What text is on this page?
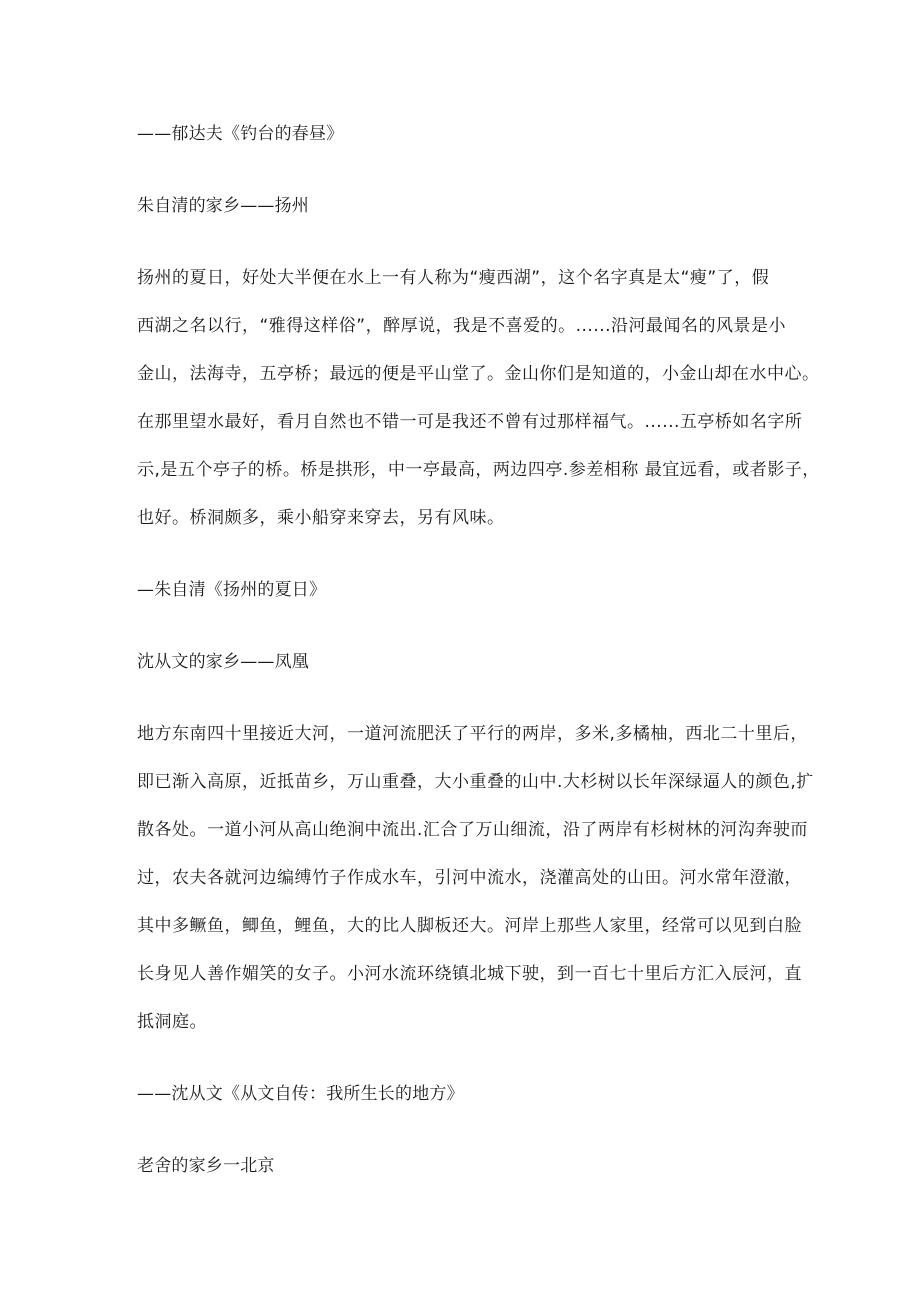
——郁达夫《钓台的春昼》
朱自清的家乡——扬州
扬州的夏日，好处大半便在水上一有人称为“瘦西湖”，这个名字真是太“瘦”了，假
西湖之名以行，“雅得这样俗”，醉厚说，我是不喜爱的。......沿河最闻名的风景是小
金山，法海寺，五亭桥；最远的便是平山堂了。金山你们是知道的，小金山却在水中心。
在那里望水最好，看月自然也不错一可是我还不曾有过那样福气。......五亭桥如名字所
示,是五个亭子的桥。桥是拱形，中一亭最高，两边四亭.参差相称 最宜远看，或者影子，
也好。桥洞颇多，乘小船穿来穿去，另有风味。
—朱自清《扬州的夏日》
沈从文的家乡——凤凰
地方东南四十里接近大河，一道河流肥沃了平行的两岸，多米,多橘柚，西北二十里后，
即已渐入高原，近抵苗乡，万山重叠，大小重叠的山中.大杉树以长年深绿逼人的颜色,扩
散各处。一道小河从高山绝涧中流出.汇合了万山细流，沿了两岸有杉树林的河沟奔驶而
过，农夫各就河边编缚竹子作成水车，引河中流水，浇灌高处的山田。河水常年澄澈，
其中多鳜鱼，鲫鱼，鲤鱼，大的比人脚板还大。河岸上那些人家里，经常可以见到白脸
长身见人善作媚笑的女子。小河水流环绕镇北城下驶，到一百七十里后方汇入辰河，直
抵洞庭。
——沈从文《从文自传：我所生长的地方》
老舍的家乡一北京
